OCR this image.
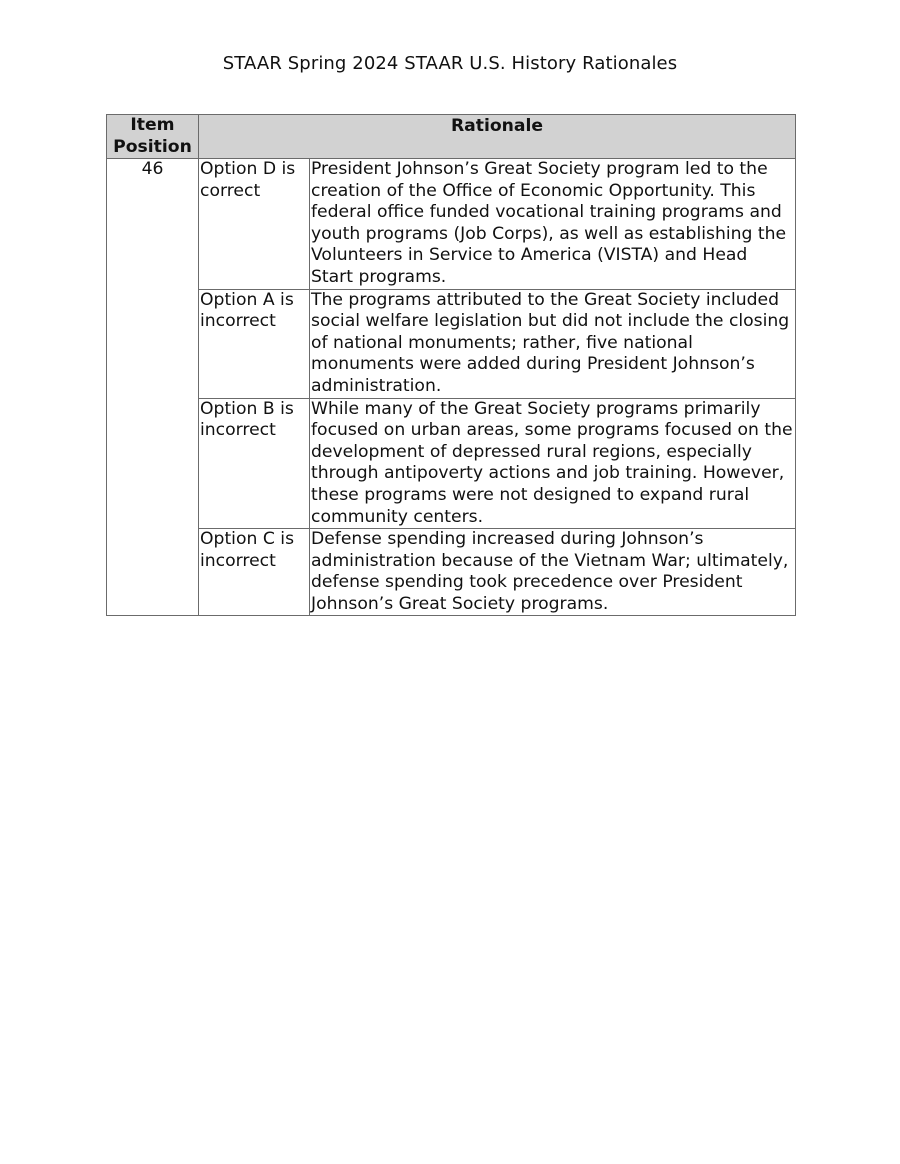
STAAR Spring 2024 STAAR U.S. History Rationales
Item Position	Rationale	
46	Option D is correct	President Johnson’s Great Society program led to the creation of the Office of Economic Opportunity. This federal office funded vocational training programs and youth programs (Job Corps), as well as establishing the Volunteers in Service to America (VISTA) and Head Start programs.
	Option A is incorrect	The programs attributed to the Great Society included social welfare legislation but did not include the closing of national monuments; rather, five national monuments were added during President Johnson’s administration.
	Option B is incorrect	While many of the Great Society programs primarily focused on urban areas, some programs focused on the development of depressed rural regions, especially through antipoverty actions and job training. However, these programs were not designed to expand rural community centers.
	Option C is incorrect	Defense spending increased during Johnson’s administration because of the Vietnam War; ultimately, defense spending took precedence over President Johnson’s Great Society programs.
